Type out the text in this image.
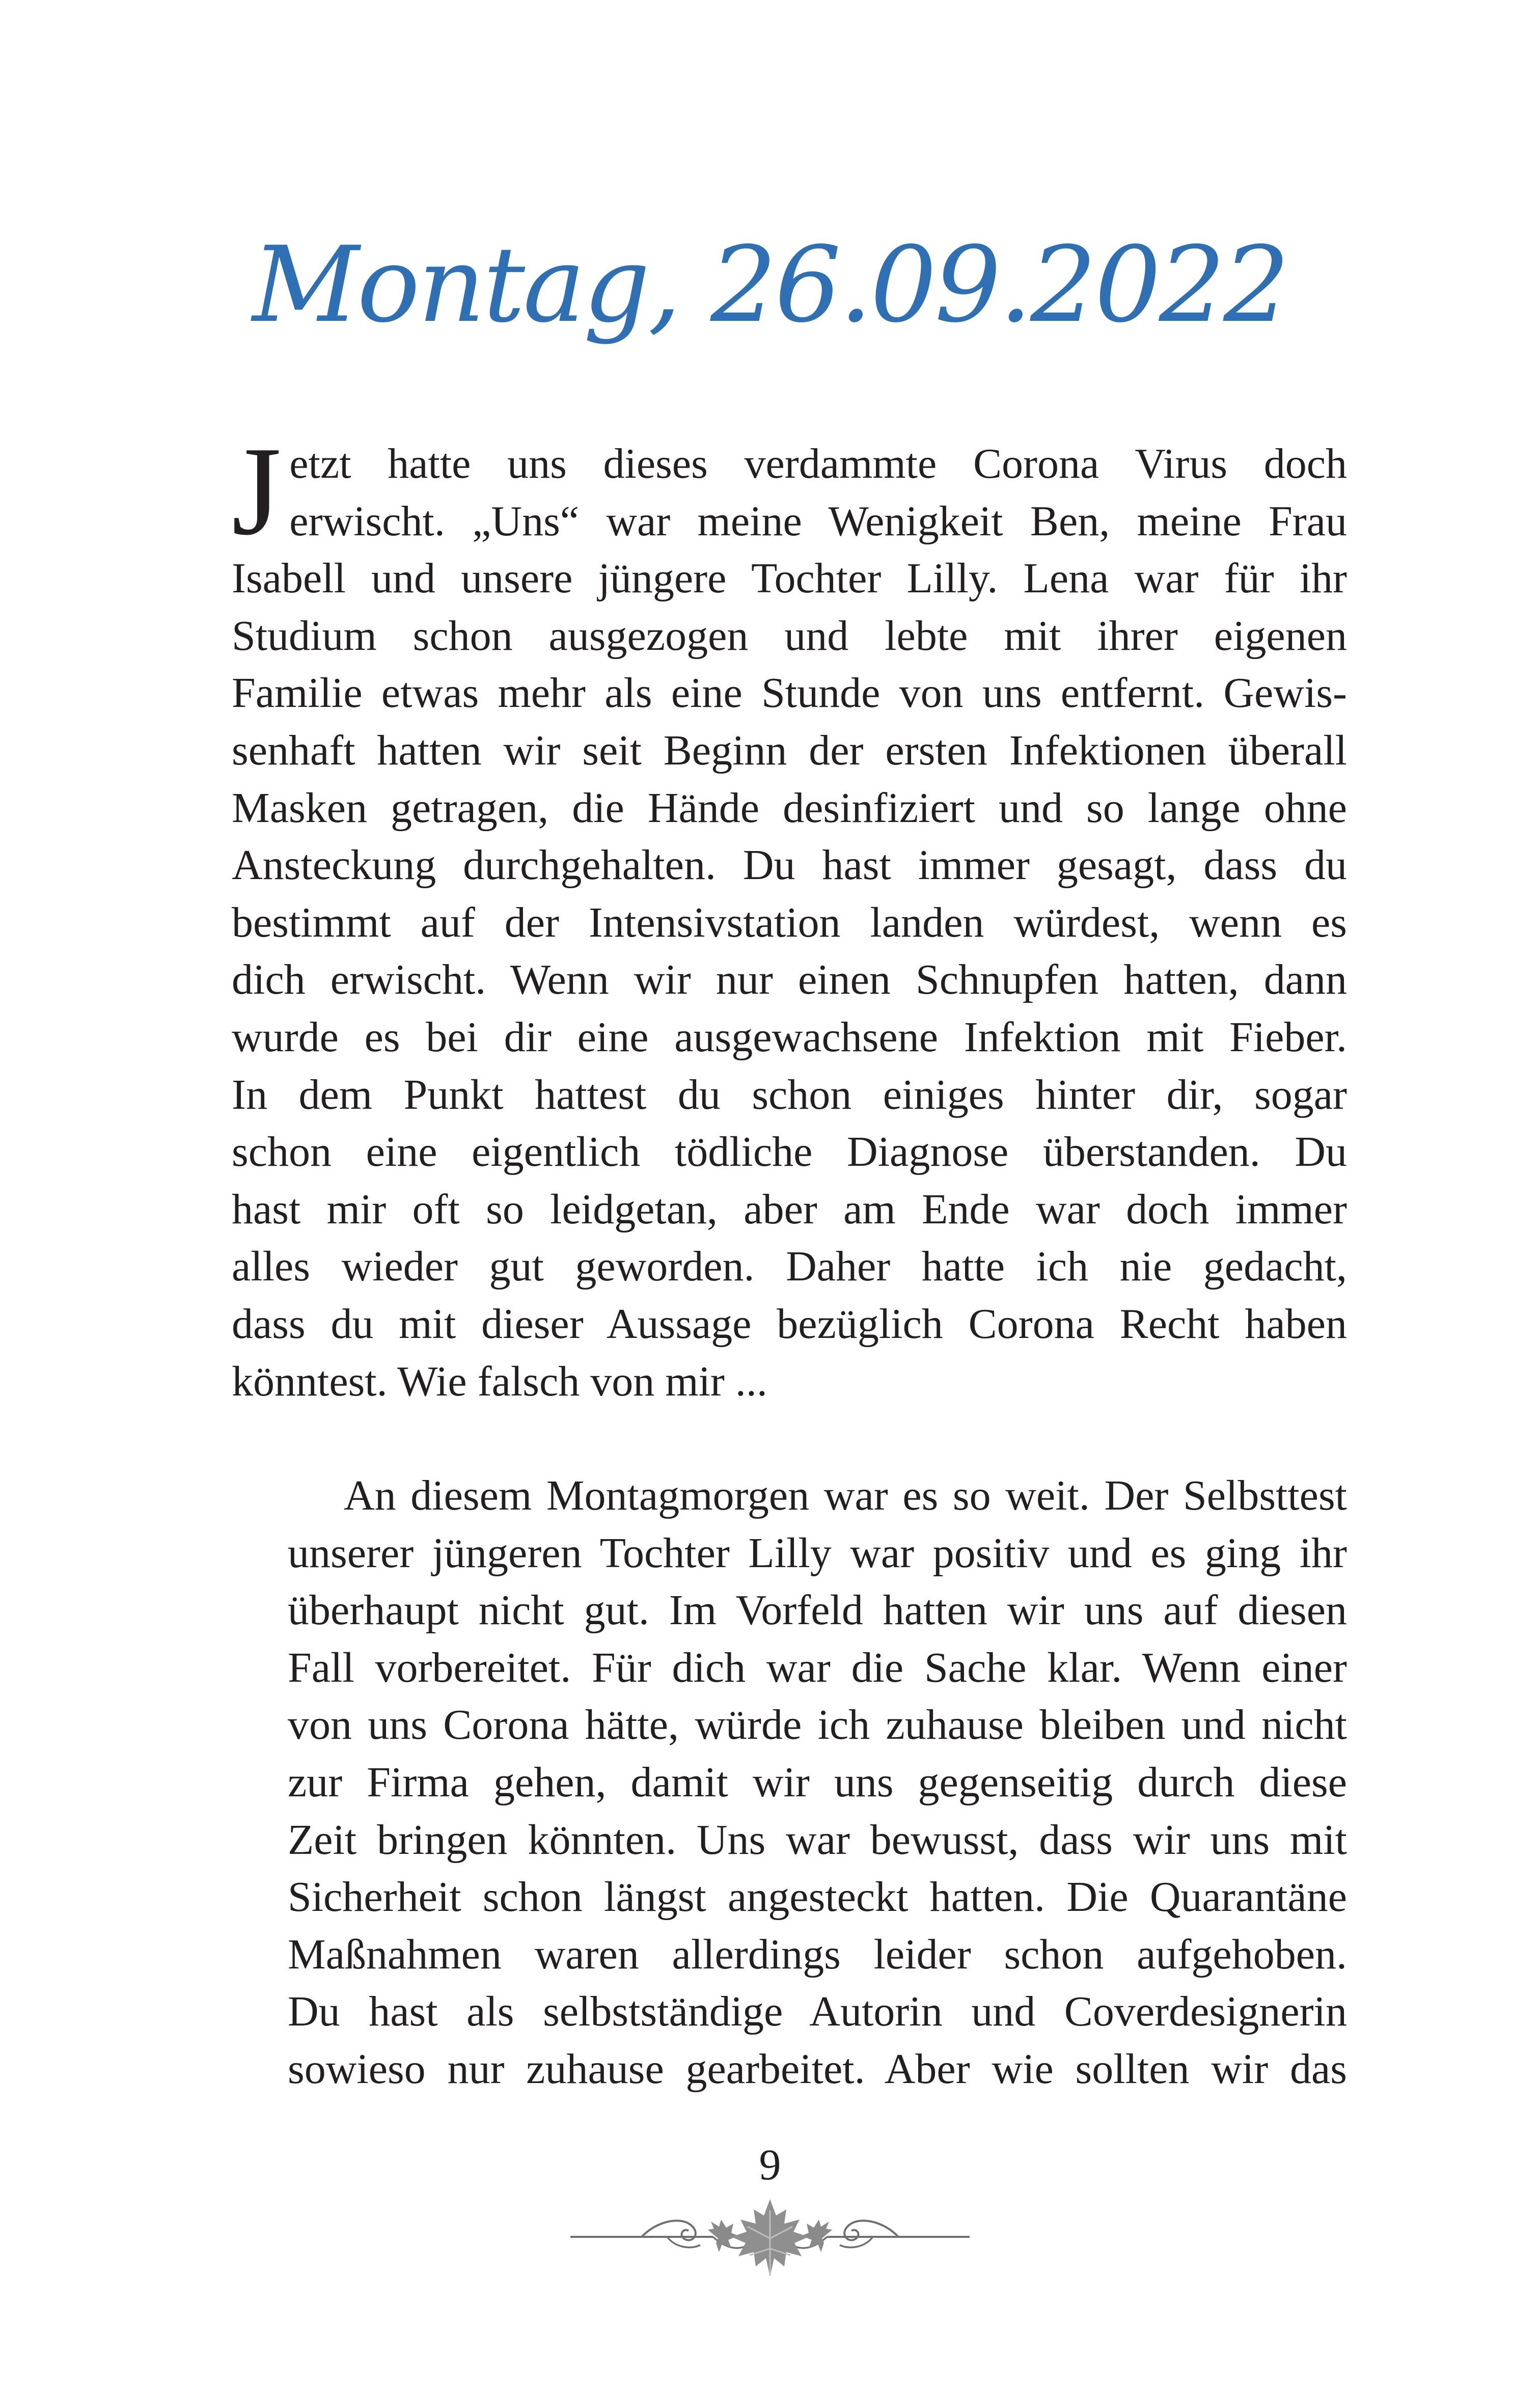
Montag, 26.09.2022
J etzt hatte uns dieses verdammte Corona Virus doch
erwischt. „Uns“ war meine Wenigkeit Ben, meine Frau
Isabell und unsere jüngere Tochter Lilly. Lena war für ihr
Studium schon ausgezogen und lebte mit ihrer eigenen
Familie etwas mehr als eine Stunde von uns entfernt. Gewis-
senhaft hatten wir seit Beginn der ersten Infektionen überall
Masken getragen, die Hände desinfiziert und so lange ohne
Ansteckung durchgehalten. Du hast immer gesagt, dass du
bestimmt auf der Intensivstation landen würdest, wenn es
dich erwischt. Wenn wir nur einen Schnupfen hatten, dann
wurde es bei dir eine ausgewachsene Infektion mit Fieber.
In dem Punkt hattest du schon einiges hinter dir, sogar
schon eine eigentlich tödliche Diagnose überstanden. Du
hast mir oft so leidgetan, aber am Ende war doch immer
alles wieder gut geworden. Daher hatte ich nie gedacht,
dass du mit dieser Aussage bezüglich Corona Recht haben
könntest. Wie falsch von mir ...
An diesem Montagmorgen war es so weit. Der Selbsttest
unserer jüngeren Tochter Lilly war positiv und es ging ihr
überhaupt nicht gut. Im Vorfeld hatten wir uns auf diesen
Fall vorbereitet. Für dich war die Sache klar. Wenn einer
von uns Corona hätte, würde ich zuhause bleiben und nicht
zur Firma gehen, damit wir uns gegenseitig durch diese
Zeit bringen könnten. Uns war bewusst, dass wir uns mit
Sicherheit schon längst angesteckt hatten. Die Quarantäne
Maßnahmen waren allerdings leider schon aufgehoben.
Du hast als selbstständige Autorin und Coverdesignerin
sowieso nur zuhause gearbeitet. Aber wie sollten wir das
9
